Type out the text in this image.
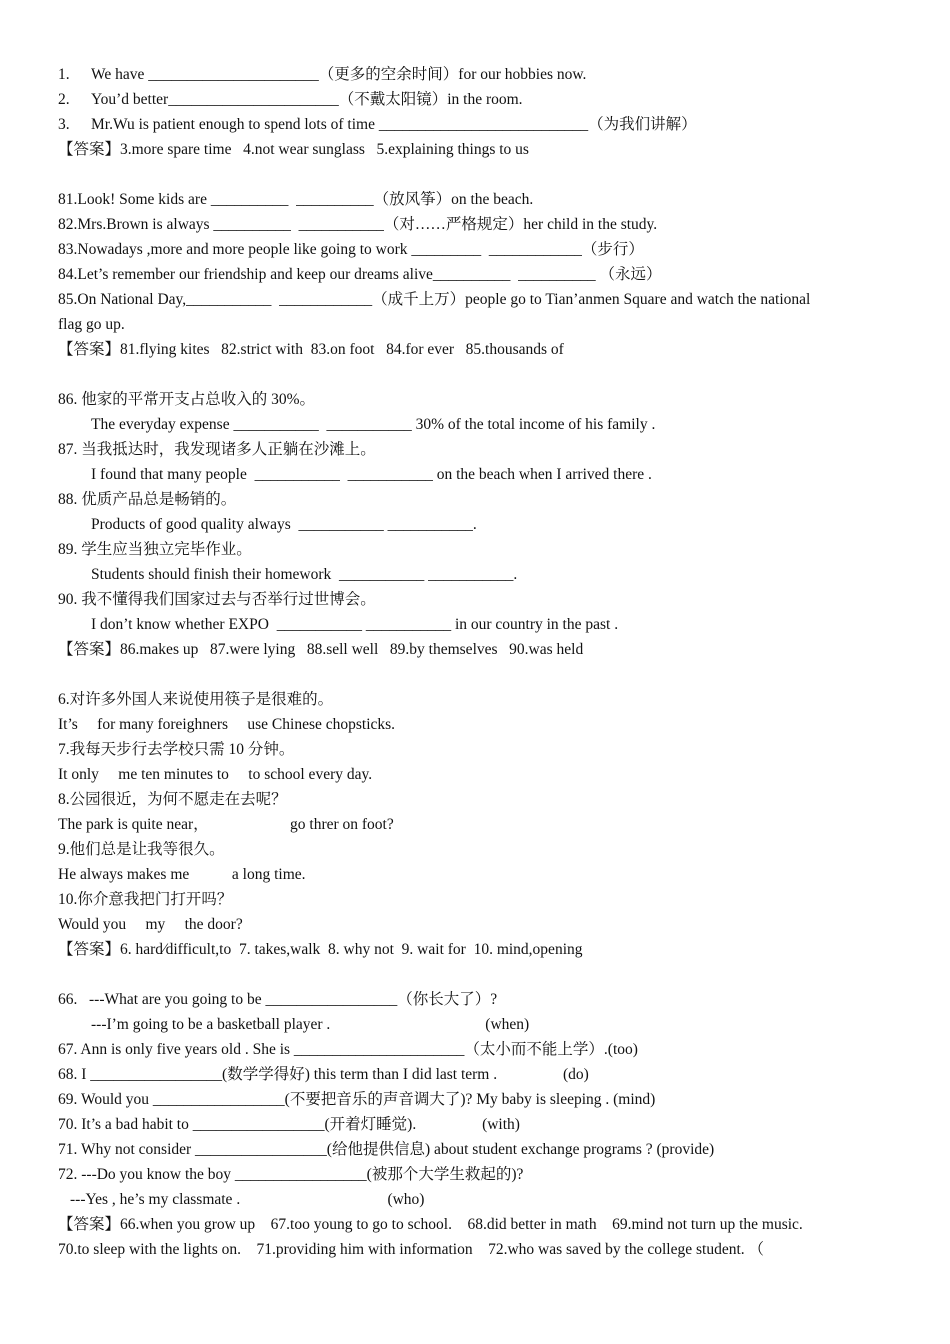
1.	We have ______________________（更多的空余时间）for our hobbies now.
2.	You’d better______________________（不戴太阳镜）in the room.
3.	Mr.Wu is patient enough to spend lots of time ___________________________（为我们讲解）
【答案】3.more spare time   4.not wear sunglass   5.explaining things to us
81.Look! Some kids are __________  __________（放风筝）on the beach.
82.Mrs.Brown is always __________  ___________（对……严格规定）her child in the study.
83.Nowadays ,more and more people like going to work _________  ____________（步行）
84.Let’s remember our friendship and keep our dreams alive__________  __________ （永远）
85.On National Day,___________  ____________（成千上万）people go to Tian’anmen Square and watch the national
flag go up.
【答案】81.flying kites   82.strict with  83.on foot   84.for ever   85.thousands of
86. 他家的平常开支占总收入的 30%。
The everyday expense ___________  ___________ 30% of the total income of his family .
87. 当我抵达时，我发现诸多人正躺在沙滩上。
I found that many people  ___________  ___________ on the beach when I arrived there .
88. 优质产品总是畅销的。
Products of good quality always  ___________ ___________.
89. 学生应当独立完毕作业。
Students should finish their homework  ___________ ___________.
90. 我不懂得我们国家过去与否举行过世博会。
I don’t know whether EXPO  ___________ ___________ in our country in the past .
【答案】86.makes up   87.were lying   88.sell well   89.by themselves   90.was held
6.对许多外国人来说使用筷子是很难的。
It’s     for many foreighners     use Chinese chopsticks.
7.我每天步行去学校只需 10 分钟。
It only     me ten minutes to     to school every day.
8.公园很近，为何不愿走在去呢？
The park is quite near，                     go threr on foot?
9.他们总是让我等很久。
He always makes me           a long time.
10.你介意我把门打开吗？
Would you     my     the door?
【答案】6. hard⁄difficult,to  7. takes,walk  8. why not  9. wait for  10. mind,opening
66.   ---What are you going to be _________________（你长大了）?
---I’m going to be a basketball player .                                        (when)
67. Ann is only five years old . She is ______________________（太小而不能上学）.(too)
68. I _________________(数学学得好) this term than I did last term .                 (do)
69. Would you _________________(不要把音乐的声音调大了)? My baby is sleeping . (mind)
70. It’s a bad habit to _________________(开着灯睡觉).                 (with)
71. Why not consider _________________(给他提供信息) about student exchange programs ? (provide)
72. ---Do you know the boy _________________(被那个大学生救起的)?
---Yes , he’s my classmate .                                      (who)
【答案】66.when you grow up    67.too young to go to school.    68.did better in math    69.mind not turn up the music.
70.to sleep with the lights on.    71.providing him with information    72.who was saved by the college student. （
